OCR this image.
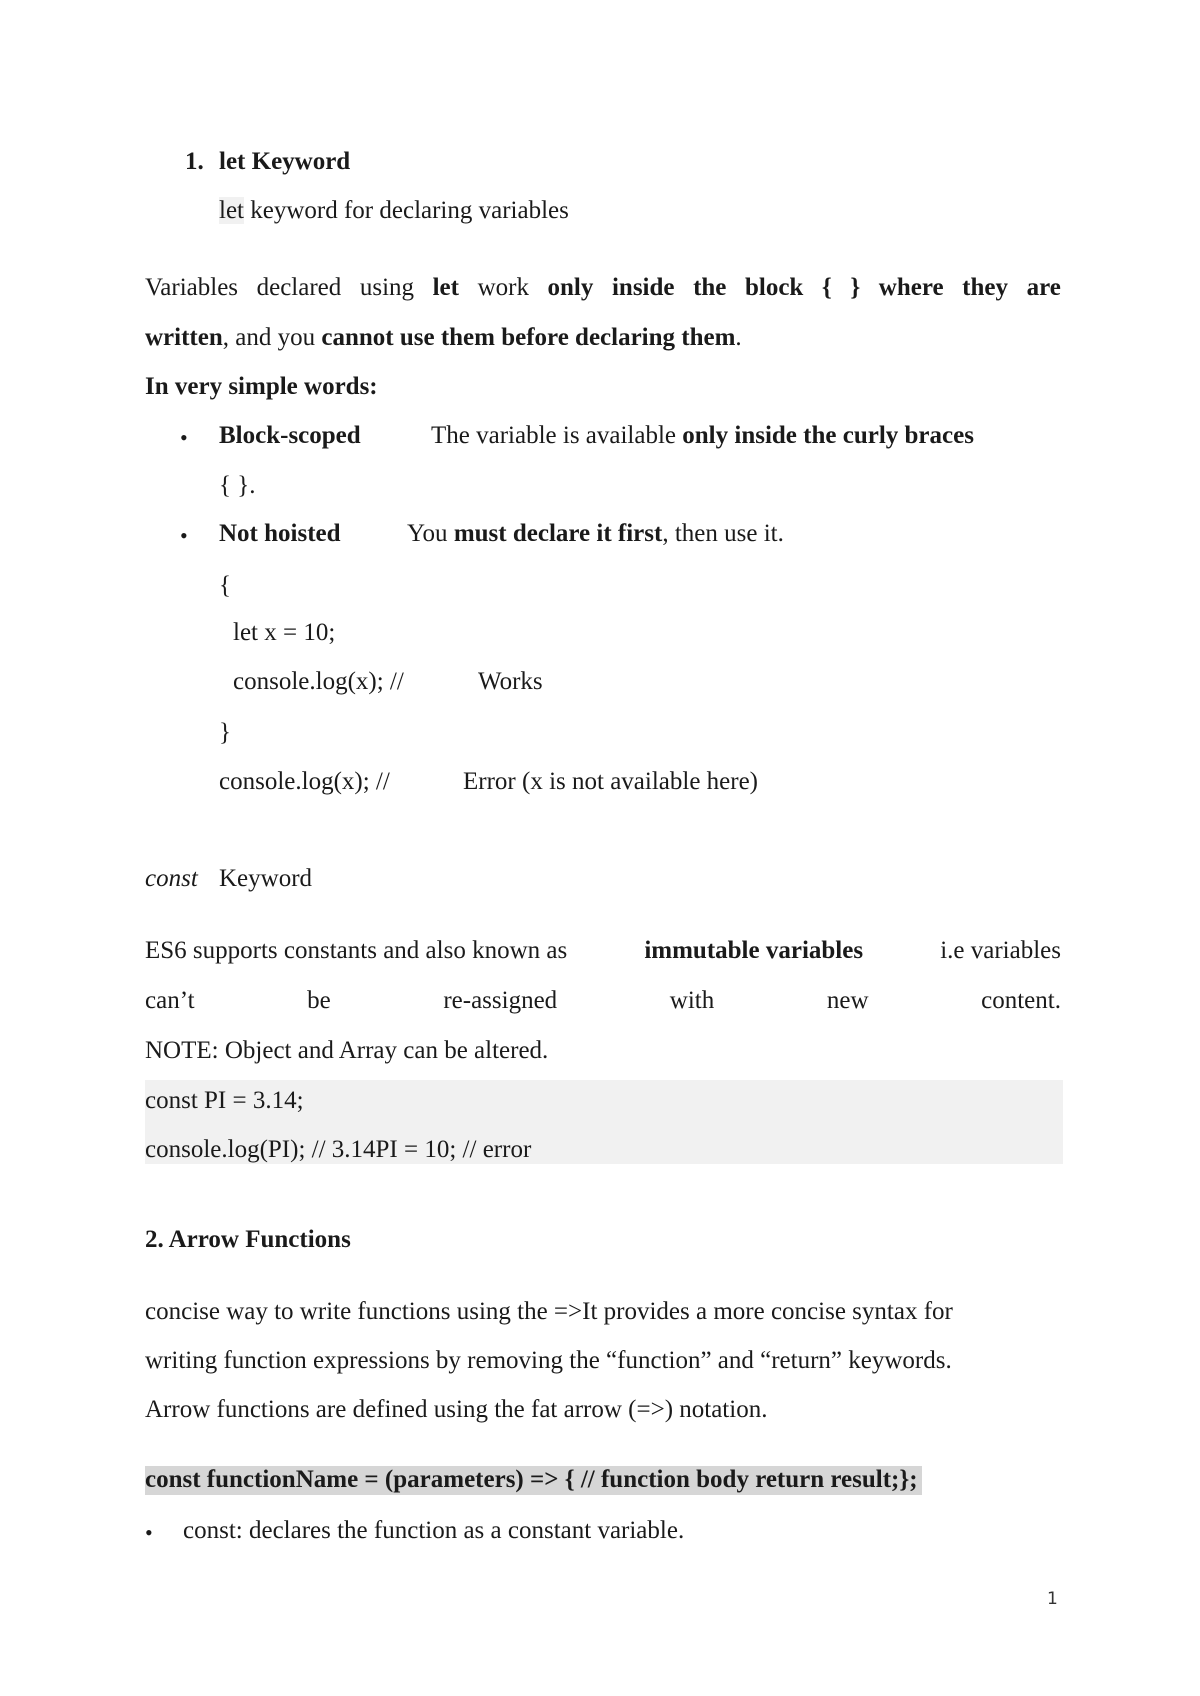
1. let Keyword
let keyword for declaring variables
Variables declared using let work only inside the block { } where they are
written, and you cannot use them before declaring them.
In very simple words:
• Block-scoped	The variable is available only inside the curly braces
{ }.
• Not hoisted	You must declare it first, then use it.
{
let x = 10;
console.log(x); //	Works
}
console.log(x); //	Error (x is not available here)
const Keyword
ES6 supports constants and also known as	immutable variables	i.e variables
can’t	be	re-assigned	with	new	content.
NOTE: Object and Array can be altered.
const PI = 3.14;
console.log(PI); // 3.14PI = 10; // error
2. Arrow Functions
concise way to write functions using the =>It provides a more concise syntax for
writing function expressions by removing the “function” and “return” keywords.
Arrow functions are defined using the fat arrow (=>) notation.
const functionName = (parameters) => { // function body return result;};
• const: declares the function as a constant variable.
1
